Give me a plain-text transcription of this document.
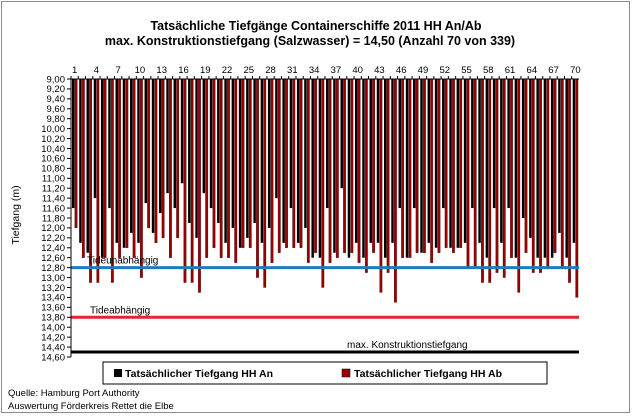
Tatsächliche Tiefgänge Containerschiffe 2011 HH An/Ab
max. Konstruktionstiefgang (Salzwasser) = 14,50 (Anzahl 70 von 339)
Tideunabhängig
Tideabhängig
max. Konstruktionstiefgang
9,00
9,20
9,40
9,60
9,80
10,00
10,20
10,40
10,60
10,80
11,00
11,20
11,40
11,60
11,80
12,00
12,20
12,40
12,60
12,80
13,00
13,20
13,40
13,60
13,80
14,00
14,20
14,40
14,60
1 4 7 10 13 16 19 22 25 28 31 34 37 40 43 46 49 52 55 58 61 64 67 70
Tiefgang (m)
Tatsächlicher Tiefgang HH An	Tatsächlicher Tiefgang HH Ab
Quelle: Hamburg Port Authority
Auswertung Förderkreis Rettet die Elbe
